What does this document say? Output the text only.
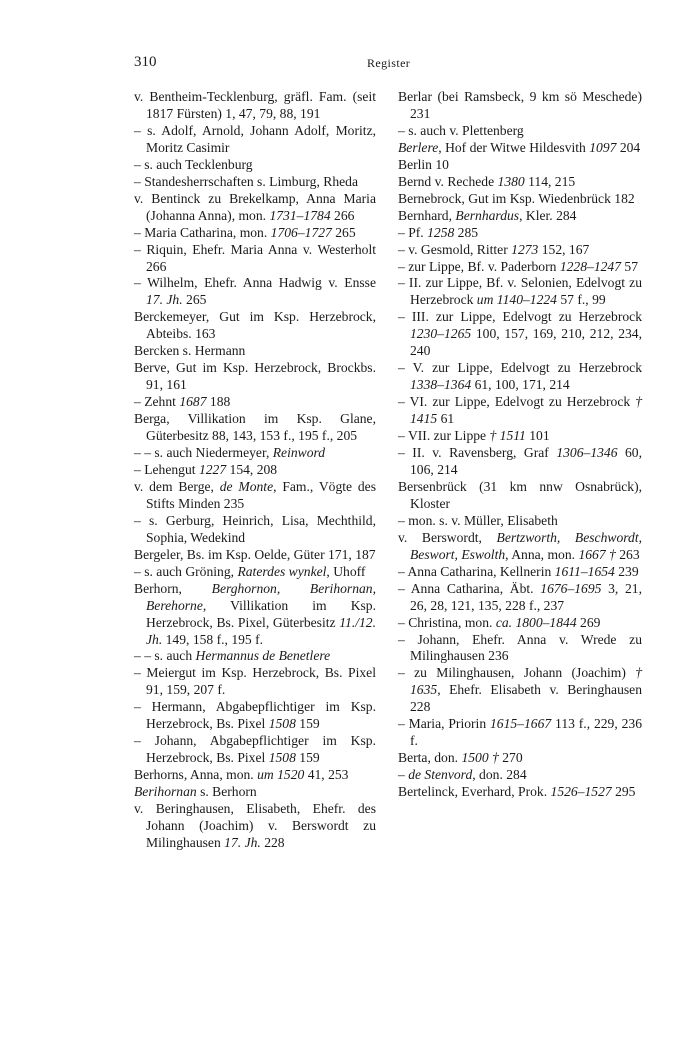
310	Register
v. Bentheim-Tecklenburg, gräfl. Fam. (seit 1817 Fürsten) 1, 47, 79, 88, 191
– s. Adolf, Arnold, Johann Adolf, Moritz, Moritz Casimir
– s. auch Tecklenburg
– Standesherrschaften s. Limburg, Rheda
v. Bentinck zu Brekelkamp, Anna Maria (Johanna Anna), mon. 1731–1784 266
– Maria Catharina, mon. 1706–1727 265
– Riquin, Ehefr. Maria Anna v. Westerholt 266
– Wilhelm, Ehefr. Anna Hadwig v. Ensse 17. Jh. 265
Berckemeyer, Gut im Ksp. Herzebrock, Abteibs. 163
Bercken s. Hermann
Berve, Gut im Ksp. Herzebrock, Brockbs. 91, 161
– Zehnt 1687 188
Berga, Villikation im Ksp. Glane, Güterbesitz 88, 143, 153 f., 195 f., 205
– – s. auch Niedermeyer, Reinword
– Lehengut 1227 154, 208
v. dem Berge, de Monte, Fam., Vögte des Stifts Minden 235
– s. Gerburg, Heinrich, Lisa, Mechthild, Sophia, Wedekind
Bergeler, Bs. im Ksp. Oelde, Güter 171, 187
– s. auch Gröning, Raterdes wynkel, Uhoff
Berhorn, Berghornon, Berihornan, Berehorne, Villikation im Ksp. Herzebrock, Bs. Pixel, Güterbesitz 11./12. Jh. 149, 158 f., 195 f.
– – s. auch Hermannus de Benetlere
– Meiergut im Ksp. Herzebrock, Bs. Pixel 91, 159, 207 f.
– Hermann, Abgabepflichtiger im Ksp. Herzebrock, Bs. Pixel 1508 159
– Johann, Abgabepflichtiger im Ksp. Herzebrock, Bs. Pixel 1508 159
Berhorns, Anna, mon. um 1520 41, 253
Berihornan s. Berhorn
v. Beringhausen, Elisabeth, Ehefr. des Johann (Joachim) v. Berswordt zu Milinghausen 17. Jh. 228
Berlar (bei Ramsbeck, 9 km sö Meschede) 231
– s. auch v. Plettenberg
Berlere, Hof der Witwe Hildesvith 1097 204
Berlin 10
Bernd v. Rechede 1380 114, 215
Bernebrock, Gut im Ksp. Wiedenbrück 182
Bernhard, Bernhardus, Kler. 284
– Pf. 1258 285
– v. Gesmold, Ritter 1273 152, 167
– zur Lippe, Bf. v. Paderborn 1228–1247 57
– II. zur Lippe, Bf. v. Selonien, Edelvogt zu Herzebrock um 1140–1224 57 f., 99
– III. zur Lippe, Edelvogt zu Herzebrock 1230–1265 100, 157, 169, 210, 212, 234, 240
– V. zur Lippe, Edelvogt zu Herzebrock 1338–1364 61, 100, 171, 214
– VI. zur Lippe, Edelvogt zu Herzebrock † 1415 61
– VII. zur Lippe † 1511 101
– II. v. Ravensberg, Graf 1306–1346 60, 106, 214
Bersenbrück (31 km nnw Osnabrück), Kloster
– mon. s. v. Müller, Elisabeth
v. Berswordt, Bertzworth, Beschwordt, Beswort, Eswolth, Anna, mon. 1667 † 263
– Anna Catharina, Kellnerin 1611–1654 239
– Anna Catharina, Äbt. 1676–1695 3, 21, 26, 28, 121, 135, 228 f., 237
– Christina, mon. ca. 1800–1844 269
– Johann, Ehefr. Anna v. Wrede zu Milinghausen 236
– zu Milinghausen, Johann (Joachim) † 1635, Ehefr. Elisabeth v. Beringhausen 228
– Maria, Priorin 1615–1667 113 f., 229, 236 f.
Berta, don. 1500 † 270
– de Stenvord, don. 284
Bertelinck, Everhard, Prok. 1526–1527 295
